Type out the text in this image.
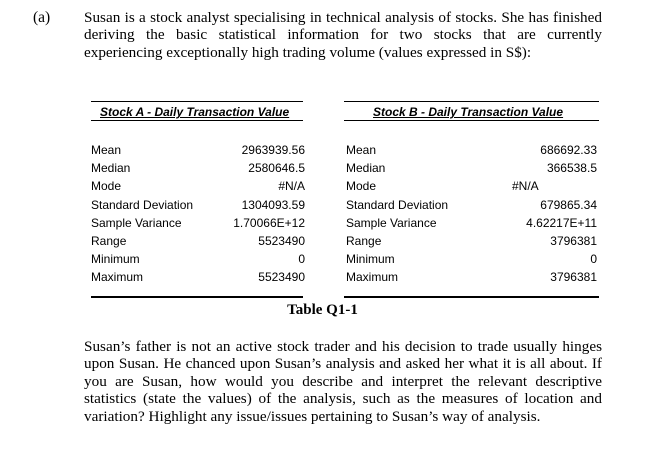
(a) Susan is a stock analyst specialising in technical analysis of stocks. She has finished deriving the basic statistical information for two stocks that are currently experiencing exceptionally high trading volume (values expressed in S$):
Stock A - Daily Transaction Value	Stock B - Daily Transaction Value
Mean	2963939.56
Median	2580646.5
Mode	#N/A
Standard Deviation	1304093.59
Sample Variance	1.70066E+12
Range	5523490
Minimum	0
Maximum	5523490
Mean	686692.33
Median	366538.5
Mode	#N/A
Standard Deviation	679865.34
Sample Variance	4.62217E+11
Range	3796381
Minimum	0
Maximum	3796381
Table Q1-1
Susan’s father is not an active stock trader and his decision to trade usually hinges upon Susan. He chanced upon Susan’s analysis and asked her what it is all about. If you are Susan, how would you describe and interpret the relevant descriptive statistics (state the values) of the analysis, such as the measures of location and variation? Highlight any issue/issues pertaining to Susan’s way of analysis.
